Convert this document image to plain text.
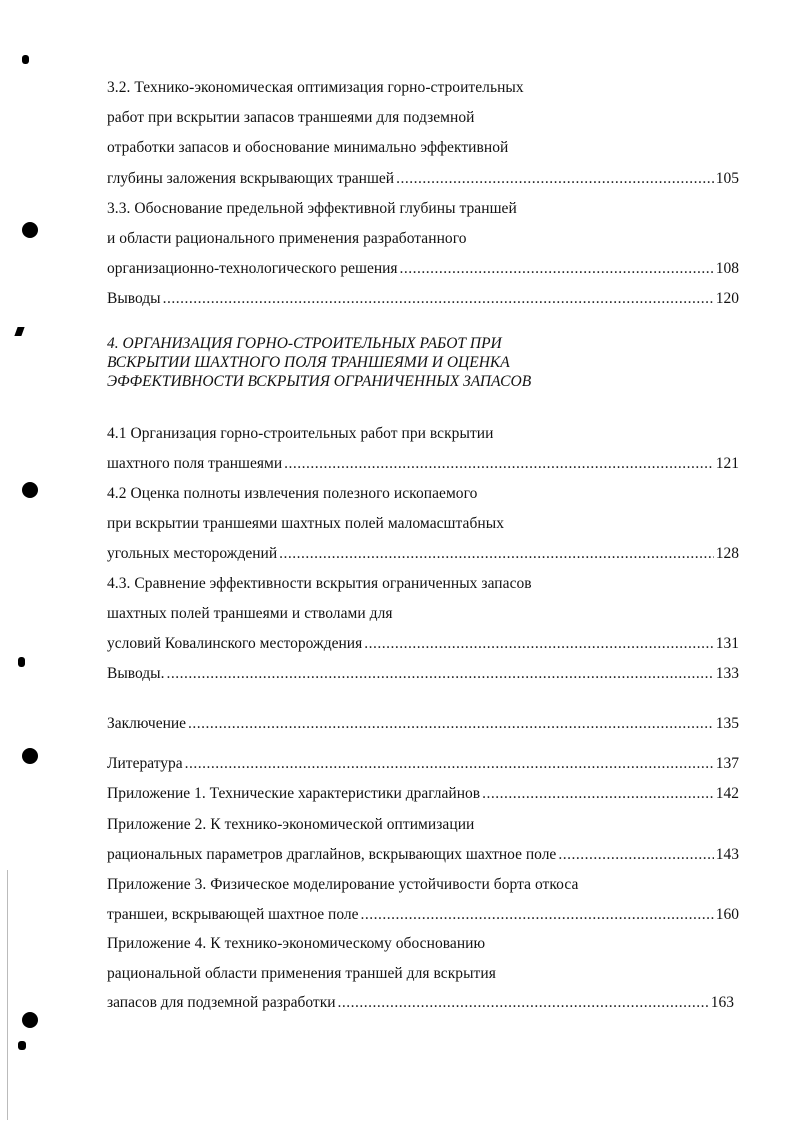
3.2. Технико-экономическая оптимизация горно-строительных
работ при вскрытии запасов траншеями для подземной
отработки запасов и обоснование минимально эффективной
глубины заложения вскрывающих траншей .....	105
3.3. Обоснование предельной эффективной глубины траншей
и области рационального применения разработанного
организационно-технологического решения .....	108
Выводы .....	120
4. ОРГАНИЗАЦИЯ ГОРНО-СТРОИТЕЛЬНЫХ РАБОТ ПРИ
ВСКРЫТИИ ШАХТНОГО ПОЛЯ ТРАНШЕЯМИ И ОЦЕНКА
ЭФФЕКТИВНОСТИ ВСКРЫТИЯ ОГРАНИЧЕННЫХ ЗАПАСОВ
4.1 Организация горно-строительных работ при вскрытии
шахтного поля траншеями .....	121
4.2 Оценка полноты извлечения полезного ископаемого
при вскрытии траншеями шахтных полей маломасштабных
угольных месторождений .....	128
4.3. Сравнение эффективности вскрытия ограниченных запасов
шахтных полей траншеями и стволами для
условий Ковалинского месторождения .....	131
Выводы. .....	133
Заключение .....	135
Литература .....	137
Приложение 1. Технические характеристики драглайнов .....	142
Приложение 2. К технико-экономической оптимизации
рациональных параметров драглайнов, вскрывающих шахтное поле .....	143
Приложение 3. Физическое моделирование устойчивости борта откоса
траншеи, вскрывающей шахтное поле .....	160
Приложение 4. К технико-экономическому обоснованию
рациональной области применения траншей для вскрытия
запасов для подземной разработки .....	163
